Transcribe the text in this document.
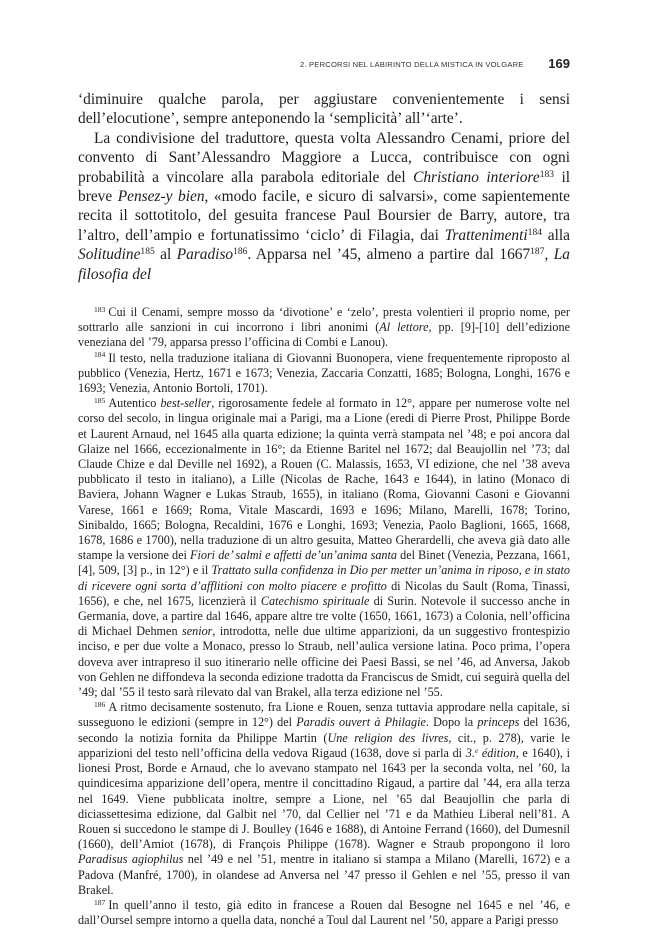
2. PERCORSI NEL LABIRINTO DELLA MISTICA IN VOLGARE	169

‘diminuire qualche parola, per aggiustare convenientemente i sensi dell’elocutione’, sempre anteponendo la ‘semplicità’ all’‘arte’.

La condivisione del traduttore, questa volta Alessandro Cenami, priore del convento di Sant’Alessandro Maggiore a Lucca, contribuisce con ogni probabilità a vincolare alla parabola editoriale del Christiano interiore$^{183}$ il breve Pensez-y bien, «modo facile, e sicuro di salvarsi», come sapientemente recita il sottotitolo, del gesuita francese Paul Boursier de Barry, autore, tra l’altro, dell’ampio e fortunatissimo ‘ciclo’ di Filagia, dai Trattenimenti$^{184}$ alla Solitudine$^{185}$ al Paradiso$^{186}$. Apparsa nel ’45, almeno a partire dal 1667$^{187}$, La filosofia del

$^{183}$ Cui il Cenami, sempre mosso da ‘divotione’ e ‘zelo’, presta volentieri il proprio nome, per sottrarlo alle sanzioni in cui incorrono i libri anonimi (Al lettore, pp. [9]-[10] dell’edizione veneziana del ’79, apparsa presso l’officina di Combi e Lanou).

$^{184}$ Il testo, nella traduzione italiana di Giovanni Buonopera, viene frequentemente riproposto al pubblico (Venezia, Hertz, 1671 e 1673; Venezia, Zaccaria Conzatti, 1685; Bologna, Longhi, 1676 e 1693; Venezia, Antonio Bortoli, 1701).

$^{185}$ Autentico best-seller, rigorosamente fedele al formato in 12°, appare per numerose volte nel corso del secolo, in lingua originale mai a Parigi, ma a Lione (eredi di Pierre Prost, Philippe Borde et Laurent Arnaud, nel 1645 alla quarta edizione; la quinta verrà stampata nel ’48; e poi ancora dal Glaize nel 1666, eccezionalmente in 16°; da Etienne Baritel nel 1672; dal Beaujollin nel ’73; dal Claude Chize e dal Deville nel 1692), a Rouen (C. Malassis, 1653, VI edizione, che nel ’38 aveva pubblicato il testo in italiano), a Lille (Nicolas de Rache, 1643 e 1644), in latino (Monaco di Baviera, Johann Wagner e Lukas Straub, 1655), in italiano (Roma, Giovanni Casoni e Giovanni Varese, 1661 e 1669; Roma, Vitale Mascardi, 1693 e 1696; Milano, Marelli, 1678; Torino, Sinibaldo, 1665; Bologna, Recaldini, 1676 e Longhi, 1693; Venezia, Paolo Baglioni, 1665, 1668, 1678, 1686 e 1700), nella traduzione di un altro gesuita, Matteo Gherardelli, che aveva già dato alle stampe la versione dei Fiori de’ salmi e affetti de’un’anima santa del Binet (Venezia, Pezzana, 1661, [4], 509, [3] p., in 12°) e il Trattato sulla confidenza in Dio per metter un’anima in riposo, e in stato di ricevere ogni sorta d’afflitioni con molto piacere e profitto di Nicolas du Sault (Roma, Tinassi, 1656), e che, nel 1675, licenzierà il Catechismo spirituale di Surin. Notevole il successo anche in Germania, dove, a partire dal 1646, appare altre tre volte (1650, 1661, 1673) a Colonia, nell’officina di Michael Dehmen senior, introdotta, nelle due ultime apparizioni, da un suggestivo frontespizio inciso, e per due volte a Monaco, presso lo Straub, nell’aulica versione latina. Poco prima, l’opera doveva aver intrapreso il suo itinerario nelle officine dei Paesi Bassi, se nel ’46, ad Anversa, Jakob von Gehlen ne diffondeva la seconda edizione tradotta da Franciscus de Smidt, cui seguirà quella del ’49; dal ’55 il testo sarà rilevato dal van Brakel, alla terza edizione nel ’55.

$^{186}$ A ritmo decisamente sostenuto, fra Lione e Rouen, senza tuttavia approdare nella capitale, si susseguono le edizioni (sempre in 12°) del Paradis ouvert à Philagie. Dopo la princeps del 1636, secondo la notizia fornita da Philippe Martin (Une religion des livres, cit., p. 278), varie le apparizioni del testo nell’officina della vedova Rigaud (1638, dove si parla di 3.$^e$ édition, e 1640), i lionesi Prost, Borde e Arnaud, che lo avevano stampato nel 1643 per la seconda volta, nel ’60, la quindicesima apparizione dell’opera, mentre il concittadino Rigaud, a partire dal ’44, era alla terza nel 1649. Viene pubblicata inoltre, sempre a Lione, nel ’65 dal Beaujollin che parla di diciassettesima edizione, dal Galbit nel ’70, dal Cellier nel ’71 e da Mathieu Liberal nell’81. A Rouen si succedono le stampe di J. Boulley (1646 e 1688), di Antoine Ferrand (1660), del Dumesnil (1660), dell’Amiot (1678), di François Philippe (1678). Wagner e Straub propongono il loro Paradisus agiophilus nel ’49 e nel ’51, mentre in italiano si stampa a Milano (Marelli, 1672) e a Padova (Manfré, 1700), in olandese ad Anversa nel ’47 presso il Gehlen e nel ’55, presso il van Brakel.

$^{187}$ In quell’anno il testo, già edito in francese a Rouen dal Besogne nel 1645 e nel ’46, e dall’Oursel sempre intorno a quella data, nonché a Toul dal Laurent nel ’50, appare a Parigi presso
